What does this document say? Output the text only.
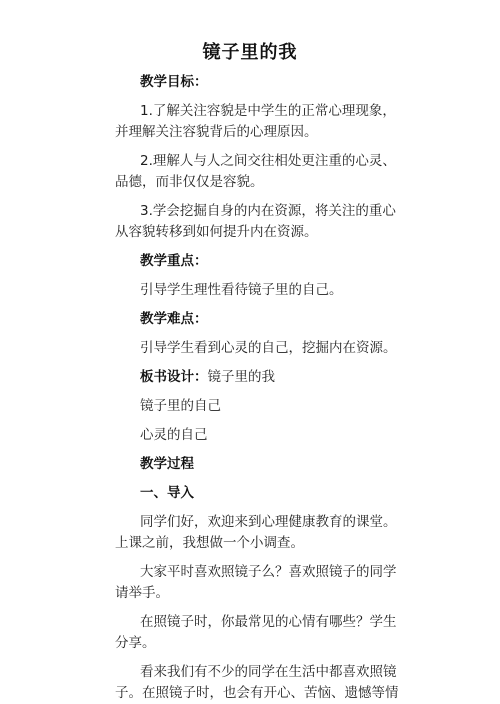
镜子里的我

教学目标：

1.了解关注容貌是中学生的正常心理现象，

并理解关注容貌背后的心理原因。

2.理解人与人之间交往相处更注重的心灵、

品德，而非仅仅是容貌。

3.学会挖掘自身的内在资源，将关注的重心

从容貌转移到如何提升内在资源。

教学重点：

引导学生理性看待镜子里的自己。

教学难点：

引导学生看到心灵的自己，挖掘内在资源。

板书设计：镜子里的我

镜子里的自己

心灵的自己

教学过程

一、导入

同学们好，欢迎来到心理健康教育的课堂。

上课之前，我想做一个小调查。

大家平时喜欢照镜子么？喜欢照镜子的同学

请举手。

在照镜子时，你最常见的心情有哪些？学生

分享。

看来我们有不少的同学在生活中都喜欢照镜

子。在照镜子时，也会有开心、苦恼、遗憾等情
